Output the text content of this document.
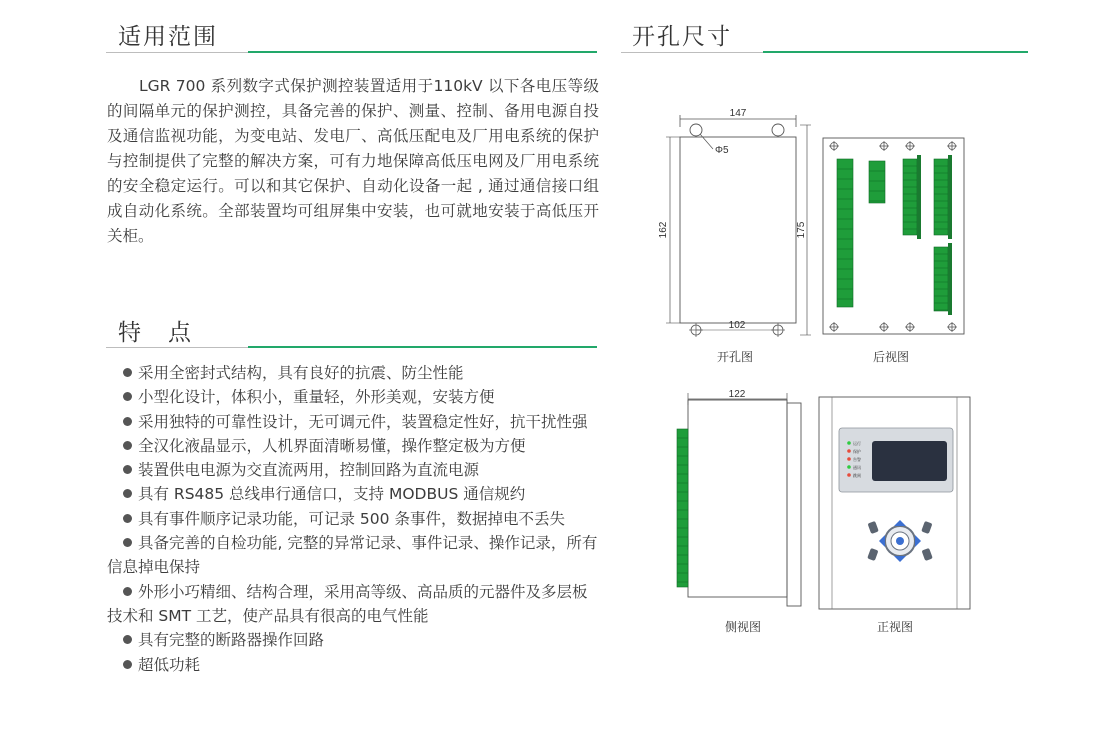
适用范围

LGR 700 系列数字式保护测控装置适用于110kV 以下各电压等级的间隔单元的保护测控，具备完善的保护、测量、控制、备用电源自投及通信监视功能，为变电站、发电厂、高低压配电及厂用电系统的保护与控制提供了完整的解决方案，可有力地保障高低压电网及厂用电系统的安全稳定运行。可以和其它保护、自动化设备一起 , 通过通信接口组成自动化系统。全部装置均可组屏集中安装，也可就地安装于高低压开关柜。

特　点
采用全密封式结构，具有良好的抗震、防尘性能
小型化设计，体积小，重量轻，外形美观，安装方便
采用独特的可靠性设计，无可调元件，装置稳定性好，抗干扰性强
全汉化液晶显示，人机界面清晰易懂，操作整定极为方便
装置供电电源为交直流两用，控制回路为直流电源
具有 RS485 总线串行通信口，支持 MODBUS 通信规约
具有事件顺序记录功能，可记录 500 条事件，数据掉电不丢失
具备完善的自检功能, 完整的异常记录、事件记录、操作记录，所有信息掉电保持
外形小巧精细、结构合理，采用高等级、高品质的元器件及多层板技术和 SMT 工艺，使产品具有很高的电气性能
具有完整的断路器操作回路
超低功耗
开孔尺寸
147
Φ5
102
162	175
开孔图	后视图
122
侧视图
运行
保护
告警
通讯
跳闸
正视图
